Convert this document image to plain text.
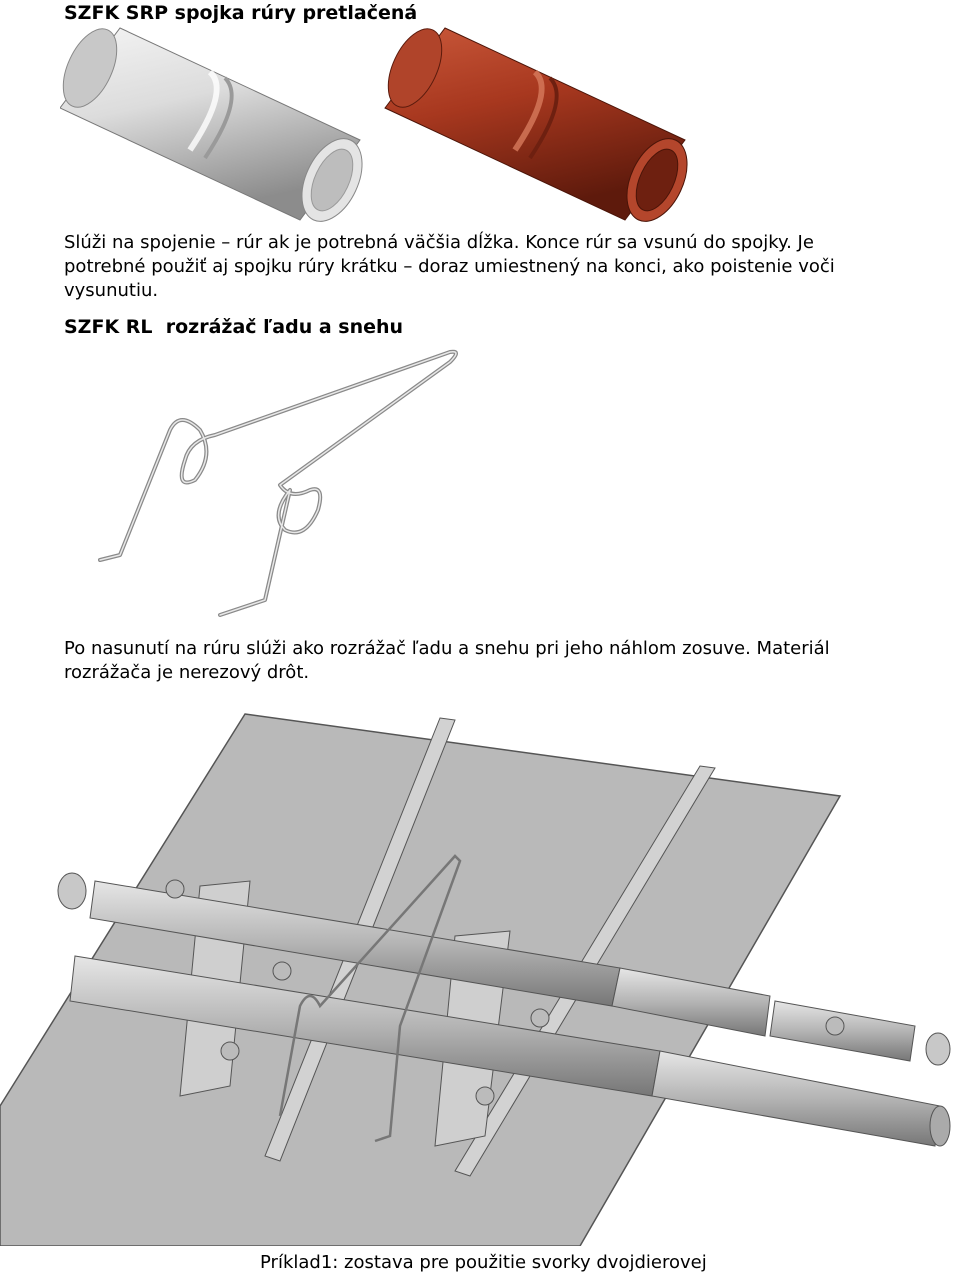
SZFK SRP spojka rúry pretlačená
Slúži na spojenie – rúr ak je potrebná väčšia dĺžka. Konce rúr sa vsunú do spojky. Je
potrebné použiť aj spojku rúry krátku – doraz umiestnený na konci, ako poistenie voči
vysunutiu.
SZFK RL  rozrážač ľadu a snehu
Po nasunutí na rúru slúži ako rozrážač ľadu a snehu pri jeho náhlom zosuve. Materiál
rozrážača je nerezový drôt.
Príklad1: zostava pre použitie svorky dvojdierovej
